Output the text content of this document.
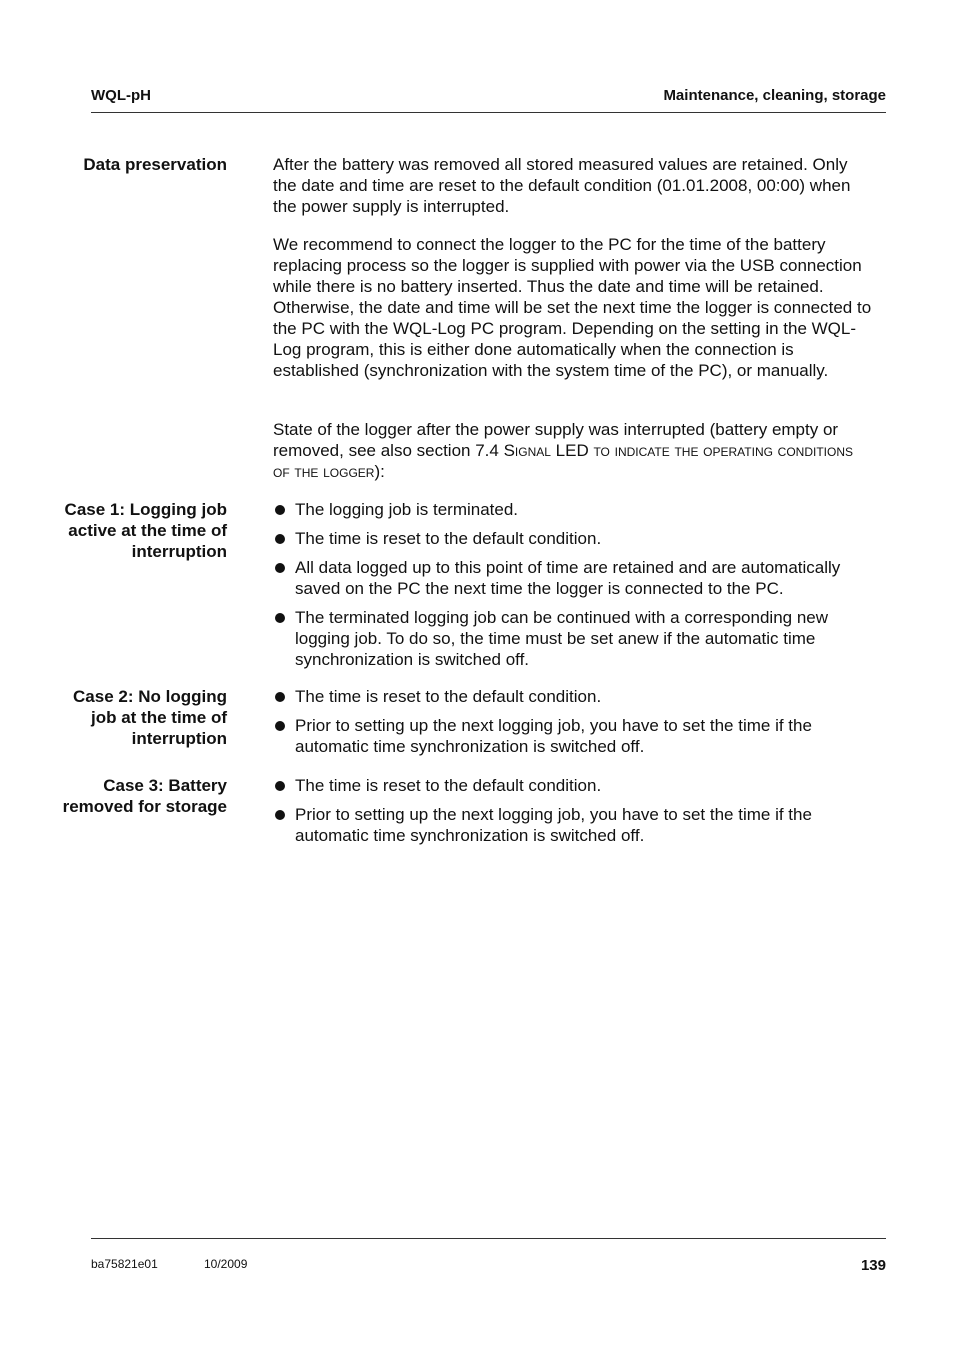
WQL-pH	Maintenance, cleaning, storage
Data preservation	After the battery was removed all stored measured values are retained. Only the date and time are reset to the default condition (01.01.2008, 00:00) when the power supply is interrupted.
We recommend to connect the logger to the PC for the time of the battery replacing process so the logger is supplied with power via the USB connection while there is no battery inserted. Thus the date and time will be retained. Otherwise, the date and time will be set the next time the logger is connected to the PC with the WQL-Log PC program. Depending on the setting in the WQL-Log program, this is either done automatically when the connection is established (synchronization with the system time of the PC), or manually.
State of the logger after the power supply was interrupted (battery empty or removed, see also section 7.4 Signal LED to indicate the operating conditions of the logger):
Case 1: Logging job active at the time of interruption
The logging job is terminated.
The time is reset to the default condition.
All data logged up to this point of time are retained and are automatically saved on the PC the next time the logger is connected to the PC.
The terminated logging job can be continued with a corresponding new logging job. To do so, the time must be set anew if the automatic time synchronization is switched off.
Case 2: No logging job at the time of interruption
The time is reset to the default condition.
Prior to setting up the next logging job, you have to set the time if the automatic time synchronization is switched off.
Case 3: Battery removed for storage
The time is reset to the default condition.
Prior to setting up the next logging job, you have to set the time if the automatic time synchronization is switched off.
ba75821e01	10/2009	139
